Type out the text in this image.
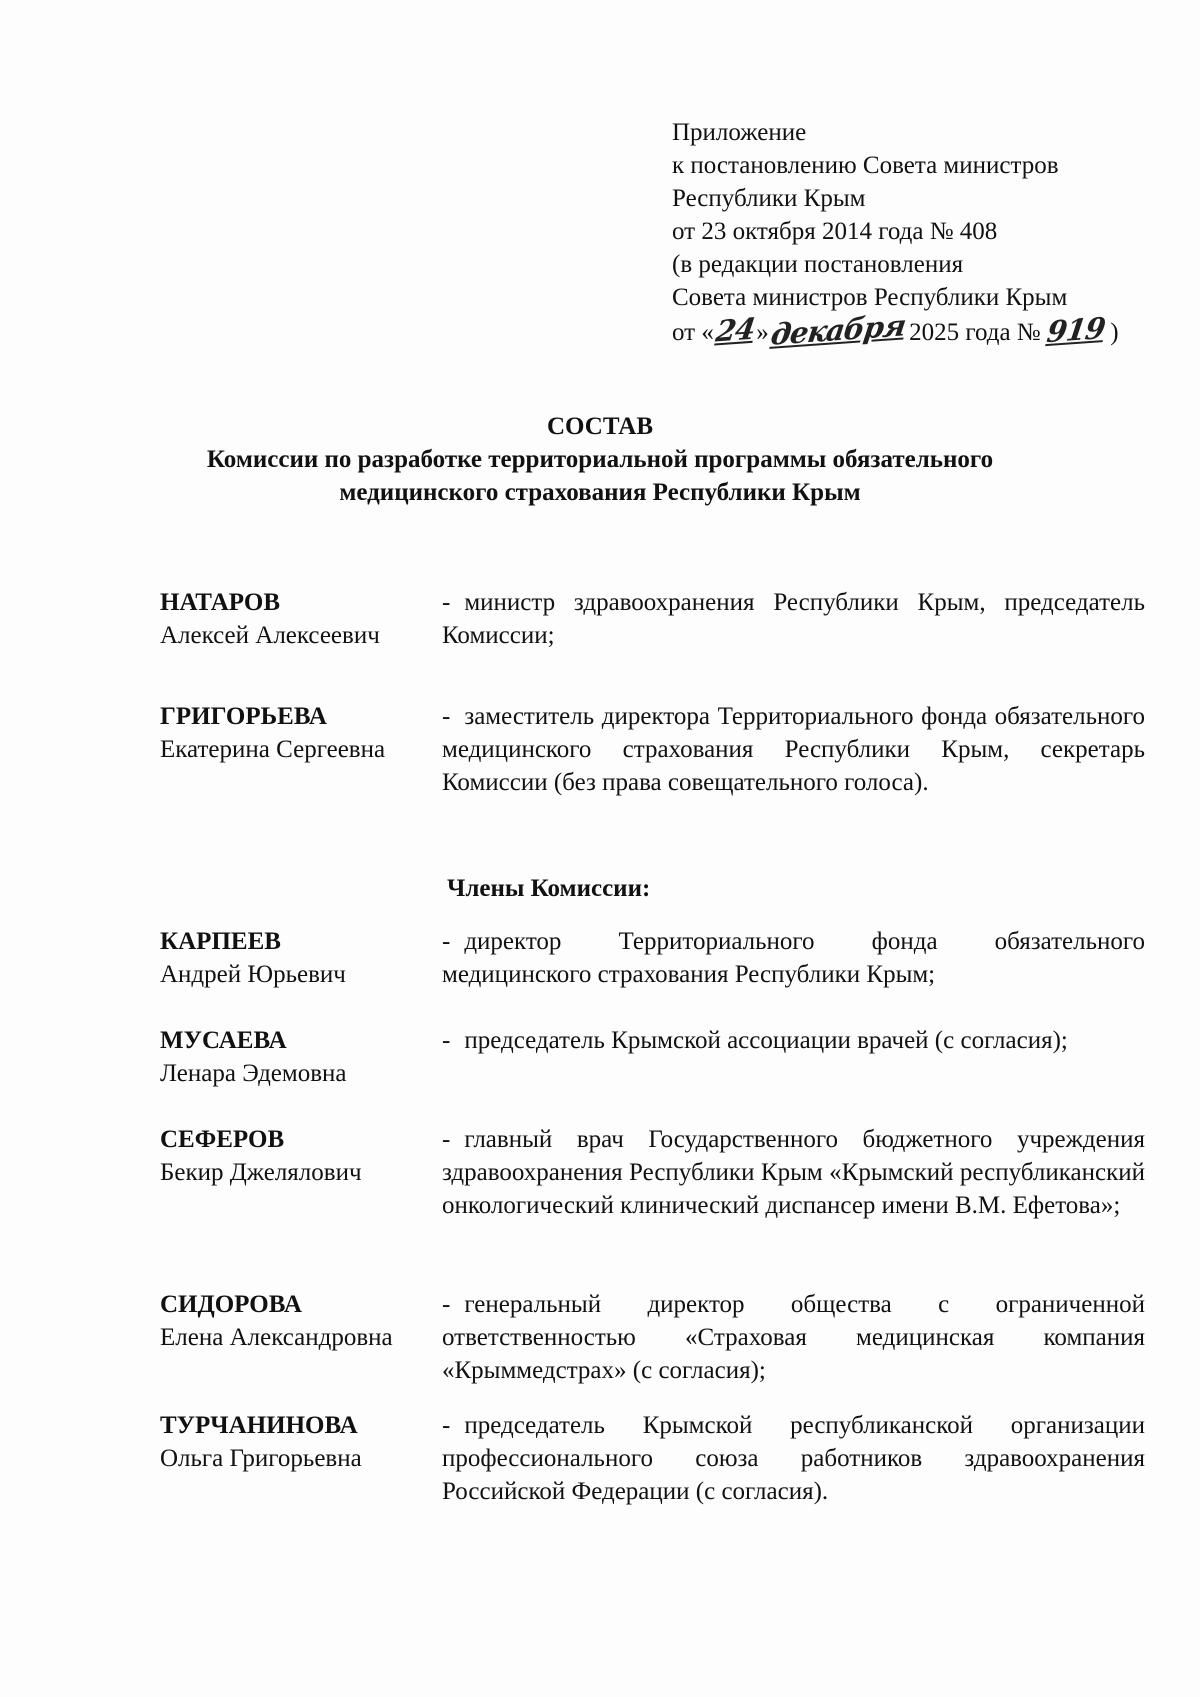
Приложение
к постановлению Совета министров
Республики Крым
от 23 октября 2014 года № 408
(в редакции постановления
Совета министров Республики Крым
от « 24 » декабря 2025 года № 919 )
СОСТАВ
Комиссии по разработке территориальной программы обязательного
медицинского страхования Республики Крым
НАТАРОВ
Алексей Алексеевич
- министр здравоохранения Республики Крым, председатель Комиссии;
ГРИГОРЬЕВА
Екатерина Сергеевна
- заместитель директора Территориального фонда обязательного медицинского страхования Республики Крым, секретарь Комиссии (без права совещательного голоса).
Члены Комиссии:
КАРПЕЕВ
Андрей Юрьевич
- директор Территориального фонда обязательного медицинского страхования Республики Крым;
МУСАЕВА
Ленара Эдемовна
- председатель Крымской ассоциации врачей (с согласия);
СЕФЕРОВ
Бекир Джелялович
- главный врач Государственного бюджетного учреждения здравоохранения Республики Крым «Крымский республиканский онкологический клинический диспансер имени В.М. Ефетова»;
СИДОРОВА
Елена Александровна
- генеральный директор общества с ограниченной ответственностью «Страховая медицинская компания «Крыммедстрах» (с согласия);
ТУРЧАНИНОВА
Ольга Григорьевна
- председатель Крымской республиканской организации профессионального союза работников здравоохранения Российской Федерации (с согласия).
